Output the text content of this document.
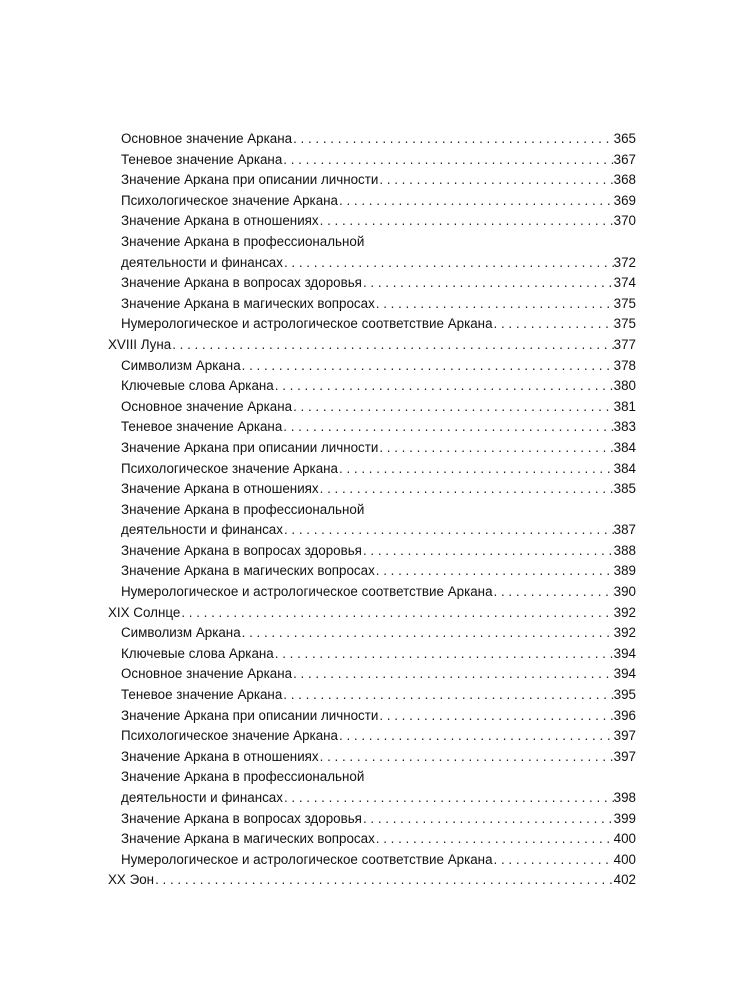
Основное значение Аркана . . .	365
Теневое значение Аркана . . .	367
Значение Аркана при описании личности . . .	368
Психологическое значение Аркана . . .	369
Значение Аркана в отношениях . . .	370
Значение Аркана в профессиональной
деятельности и финансах . . .	372
Значение Аркана в вопросах здоровья . . .	374
Значение Аркана в магических вопросах . . .	375
Нумерологическое и астрологическое соответствие Аркана . . .	375
XVIII Луна . . .	377
Символизм Аркана . . .	378
Ключевые слова Аркана . . .	380
Основное значение Аркана . . .	381
Теневое значение Аркана . . .	383
Значение Аркана при описании личности . . .	384
Психологическое значение Аркана . . .	384
Значение Аркана в отношениях . . .	385
Значение Аркана в профессиональной
деятельности и финансах . . .	387
Значение Аркана в вопросах здоровья . . .	388
Значение Аркана в магических вопросах . . .	389
Нумерологическое и астрологическое соответствие Аркана . . .	390
XIX Солнце . . .	392
Символизм Аркана . . .	392
Ключевые слова Аркана . . .	394
Основное значение Аркана . . .	394
Теневое значение Аркана . . .	395
Значение Аркана при описании личности . . .	396
Психологическое значение Аркана . . .	397
Значение Аркана в отношениях . . .	397
Значение Аркана в профессиональной
деятельности и финансах . . .	398
Значение Аркана в вопросах здоровья . . .	399
Значение Аркана в магических вопросах . . .	400
Нумерологическое и астрологическое соответствие Аркана . . .	400
XX Эон . . .	402
